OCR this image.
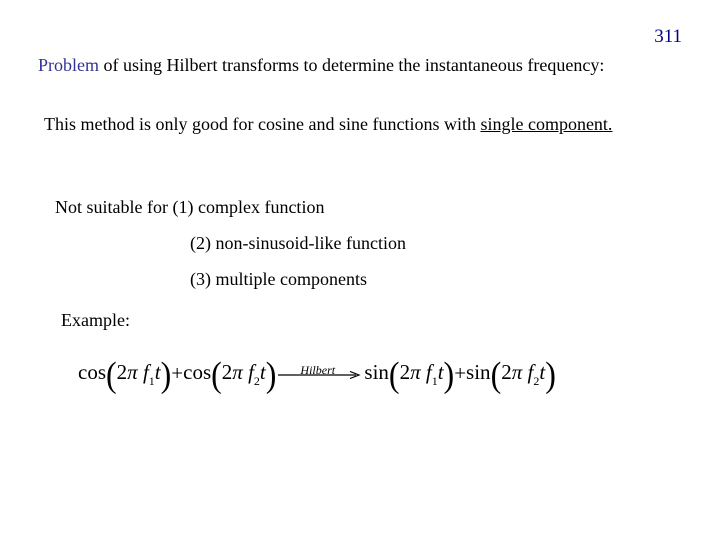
311
Problem of using Hilbert transforms to determine the instantaneous frequency:
This method is only good for cosine and sine functions with single component.
Not suitable for (1) complex function
(2) non-sinusoid-like function
(3) multiple components
Example:
cos(2π $f_1t)+\cos(2\pi$ $f_2t$) Hilbert sin(2π $f_1t)+\sin(2\pi$ $f_2t$)
